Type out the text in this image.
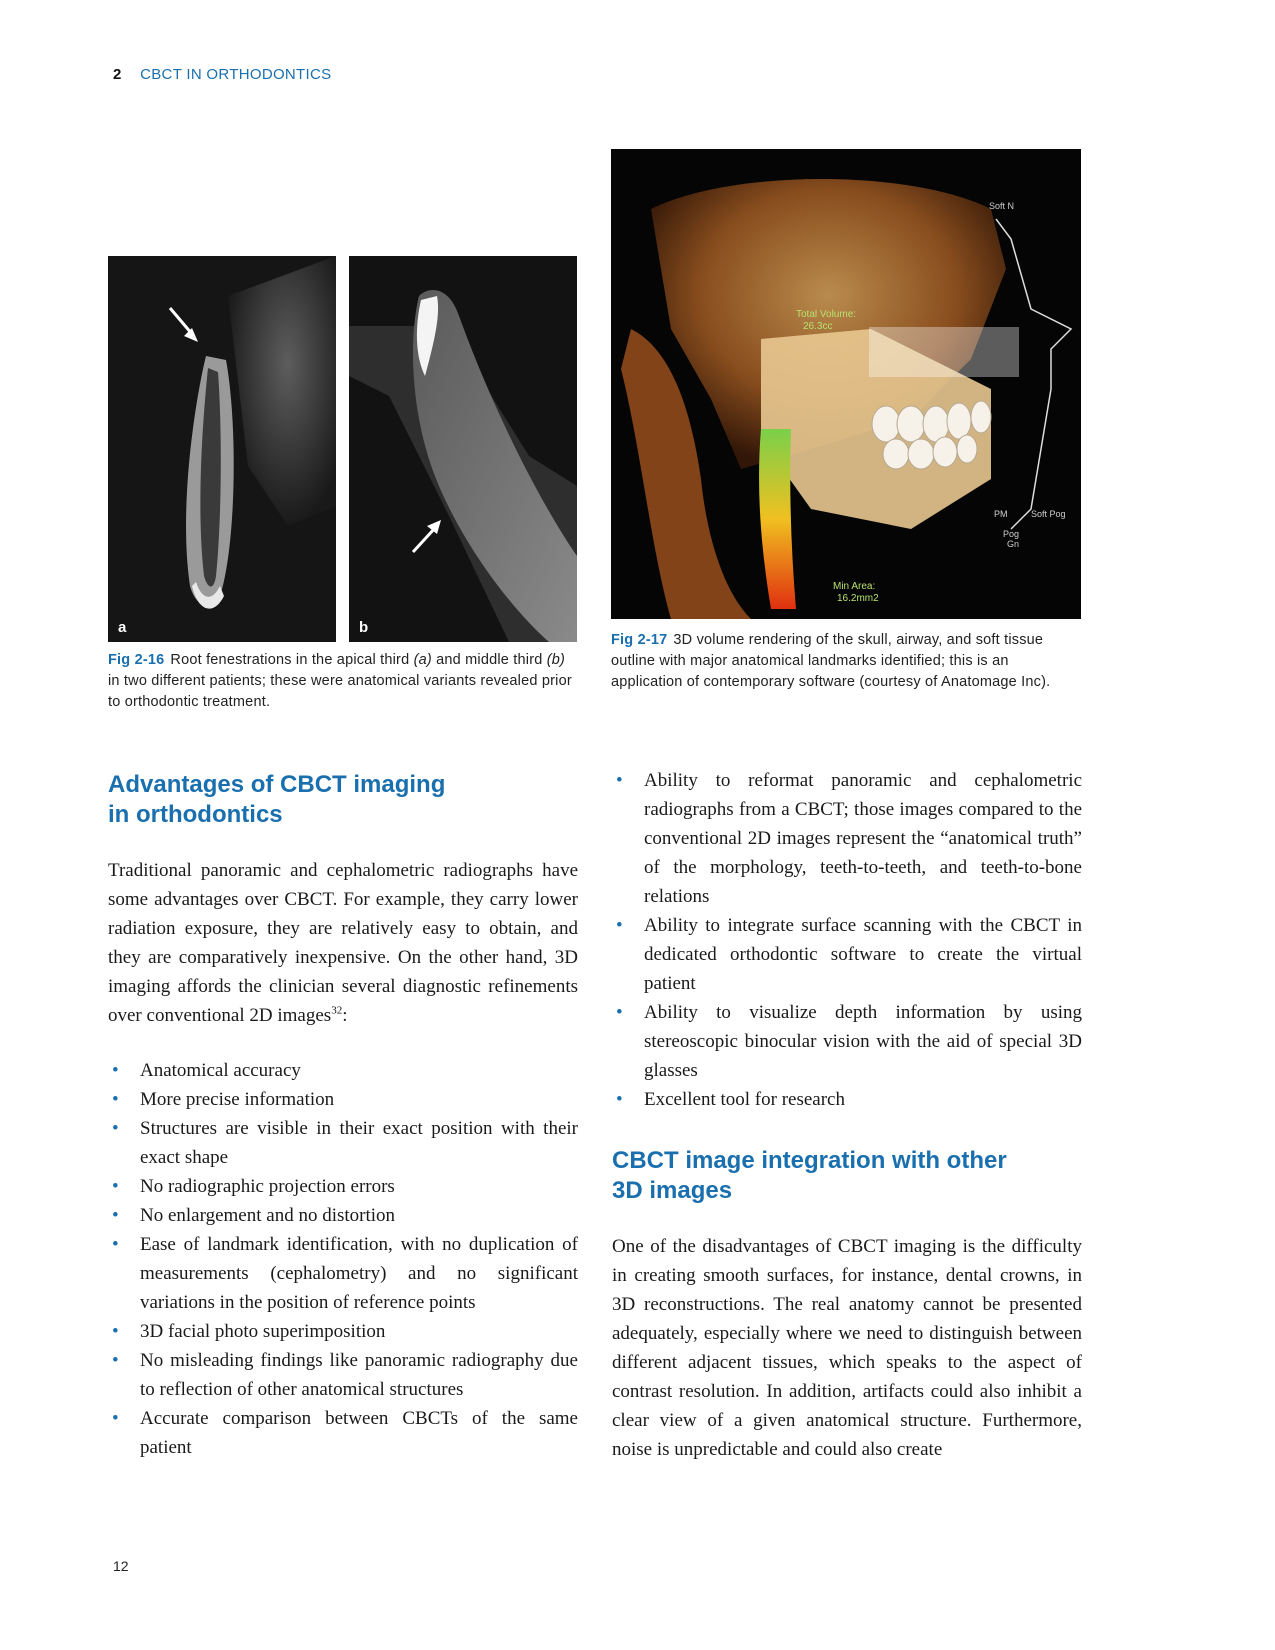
2 CBCT IN ORTHODONTICS
a	b
Fig 2-16 Root fenestrations in the apical third (a) and middle third (b) in two different patients; these were anatomical variants revealed prior to orthodontic treatment.
Total Volume:
26.3cc
Min Area:
16.2mm2
Soft N
Soft Pog
Pog
PM
Gn
Fig 2-17 3D volume rendering of the skull, airway, and soft tissue outline with major anatomical landmarks identified; this is an application of contemporary software (courtesy of Anatomage Inc).
Advantages of CBCT imaging
in orthodontics

Traditional panoramic and cephalometric radiographs have some advantages over CBCT. For example, they carry lower radiation exposure, they are relatively easy to obtain, and they are comparatively inexpensive. On the other hand, 3D imaging affords the clinician several diagnostic refinements over conventional 2D images$^{32}$:

• Anatomical accuracy
• More precise information
• Structures are visible in their exact position with their exact shape
• No radiographic projection errors
• No enlargement and no distortion
• Ease of landmark identification, with no duplication of measurements (cephalometry) and no significant variations in the position of reference points
• 3D facial photo superimposition
• No misleading findings like panoramic radiography due to reflection of other anatomical structures
• Accurate comparison between CBCTs of the same patient
• Ability to reformat panoramic and cephalometric radiographs from a CBCT; those images compared to the conventional 2D images represent the “anatomical truth” of the morphology, teeth-to-teeth, and teeth-to-bone relations
• Ability to integrate surface scanning with the CBCT in dedicated orthodontic software to create the virtual patient
• Ability to visualize depth information by using stereoscopic binocular vision with the aid of special 3D glasses
• Excellent tool for research
CBCT image integration with other
3D images

One of the disadvantages of CBCT imaging is the difficulty in creating smooth surfaces, for instance, dental crowns, in 3D reconstructions. The real anatomy cannot be presented adequately, especially where we need to distinguish between different adjacent tissues, which speaks to the aspect of contrast resolution. In addition, artifacts could also inhibit a clear view of a given anatomical structure. Furthermore, noise is unpredictable and could also create

12
